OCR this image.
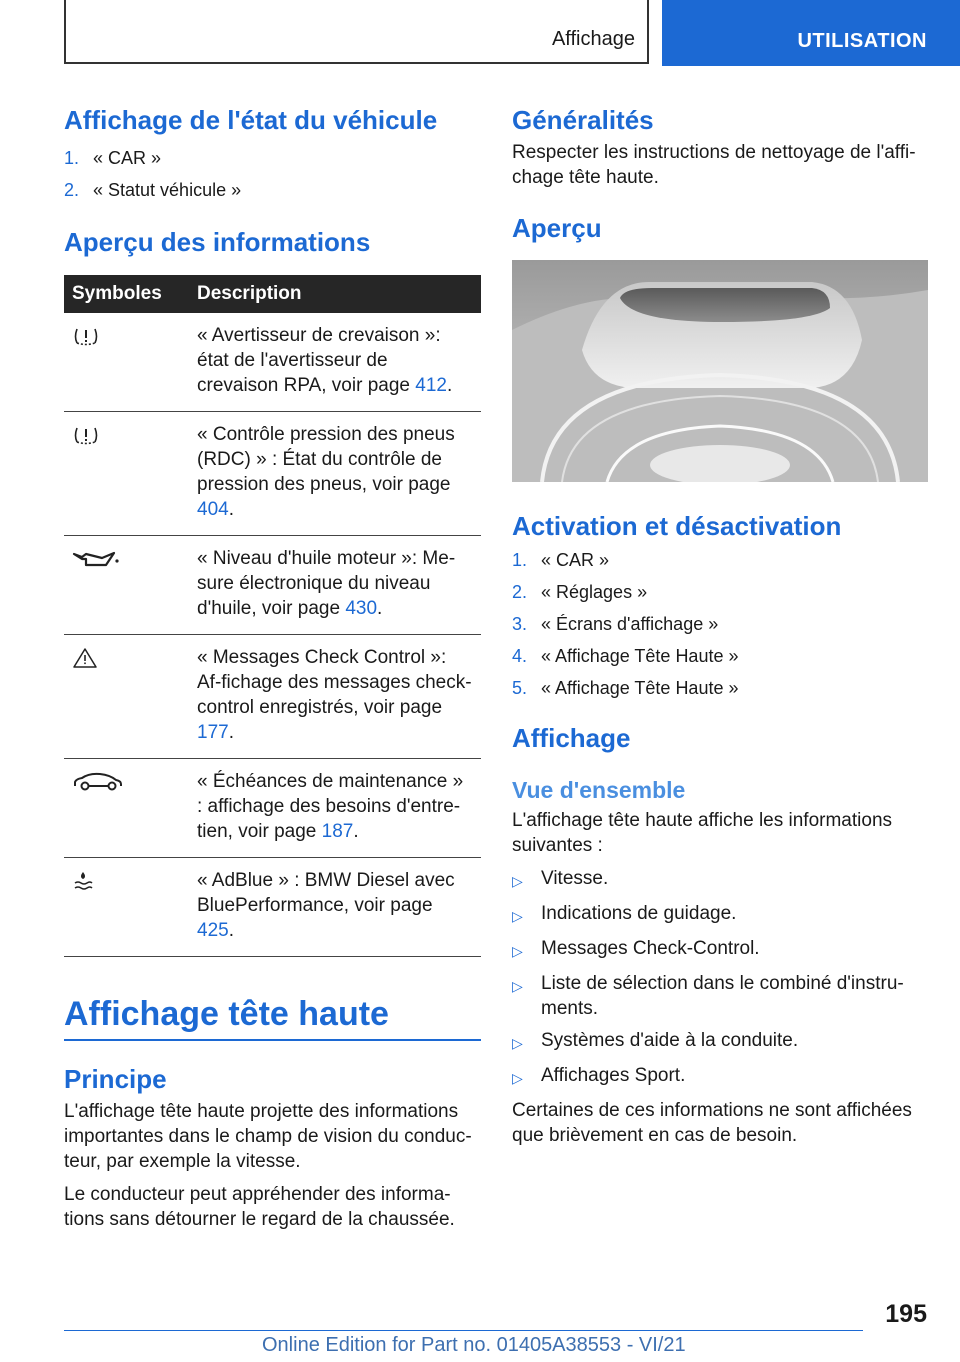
Affichage	UTILISATION
Affichage de l'état du véhicule
1. « CAR »
2. « Statut véhicule »
Aperçu des informations
Symboles	Description
	« Avertisseur de crevaison »: état de l'avertisseur de crevaison RPA, voir page 412.
	« Contrôle pression des pneus (RDC) » : État du contrôle de pression des pneus, voir page 404.
	« Niveau d'huile moteur »: Me-sure électronique du niveau d'huile, voir page 430.
	« Messages Check Control »: Af-fichage des messages check-control enregistrés, voir page 177.
	« Échéances de maintenance » : affichage des besoins d'entre-tien, voir page 187.
	« AdBlue » : BMW Diesel avec BluePerformance, voir page 425.
Affichage tête haute
Principe

L'affichage tête haute projette des informations importantes dans le champ de vision du conduc-teur, par exemple la vitesse.

Le conducteur peut appréhender des informa-tions sans détourner le regard de la chaussée.

Généralités

Respecter les instructions de nettoyage de l'affi-chage tête haute.

Aperçu
Activation et désactivation
1. « CAR »
2. « Réglages »
3. « Écrans d'affichage »
4. « Affichage Tête Haute »
5. « Affichage Tête Haute »
Affichage
Vue d'ensemble

L'affichage tête haute affiche les informations suivantes :

▷ Vitesse.
▷ Indications de guidage.
▷ Messages Check-Control.
▷ Liste de sélection dans le combiné d'instru-ments.
▷ Systèmes d'aide à la conduite.
▷ Affichages Sport.

Certaines de ces informations ne sont affichées que brièvement en cas de besoin.

195
Online Edition for Part no. 01405A38553 - VI/21
